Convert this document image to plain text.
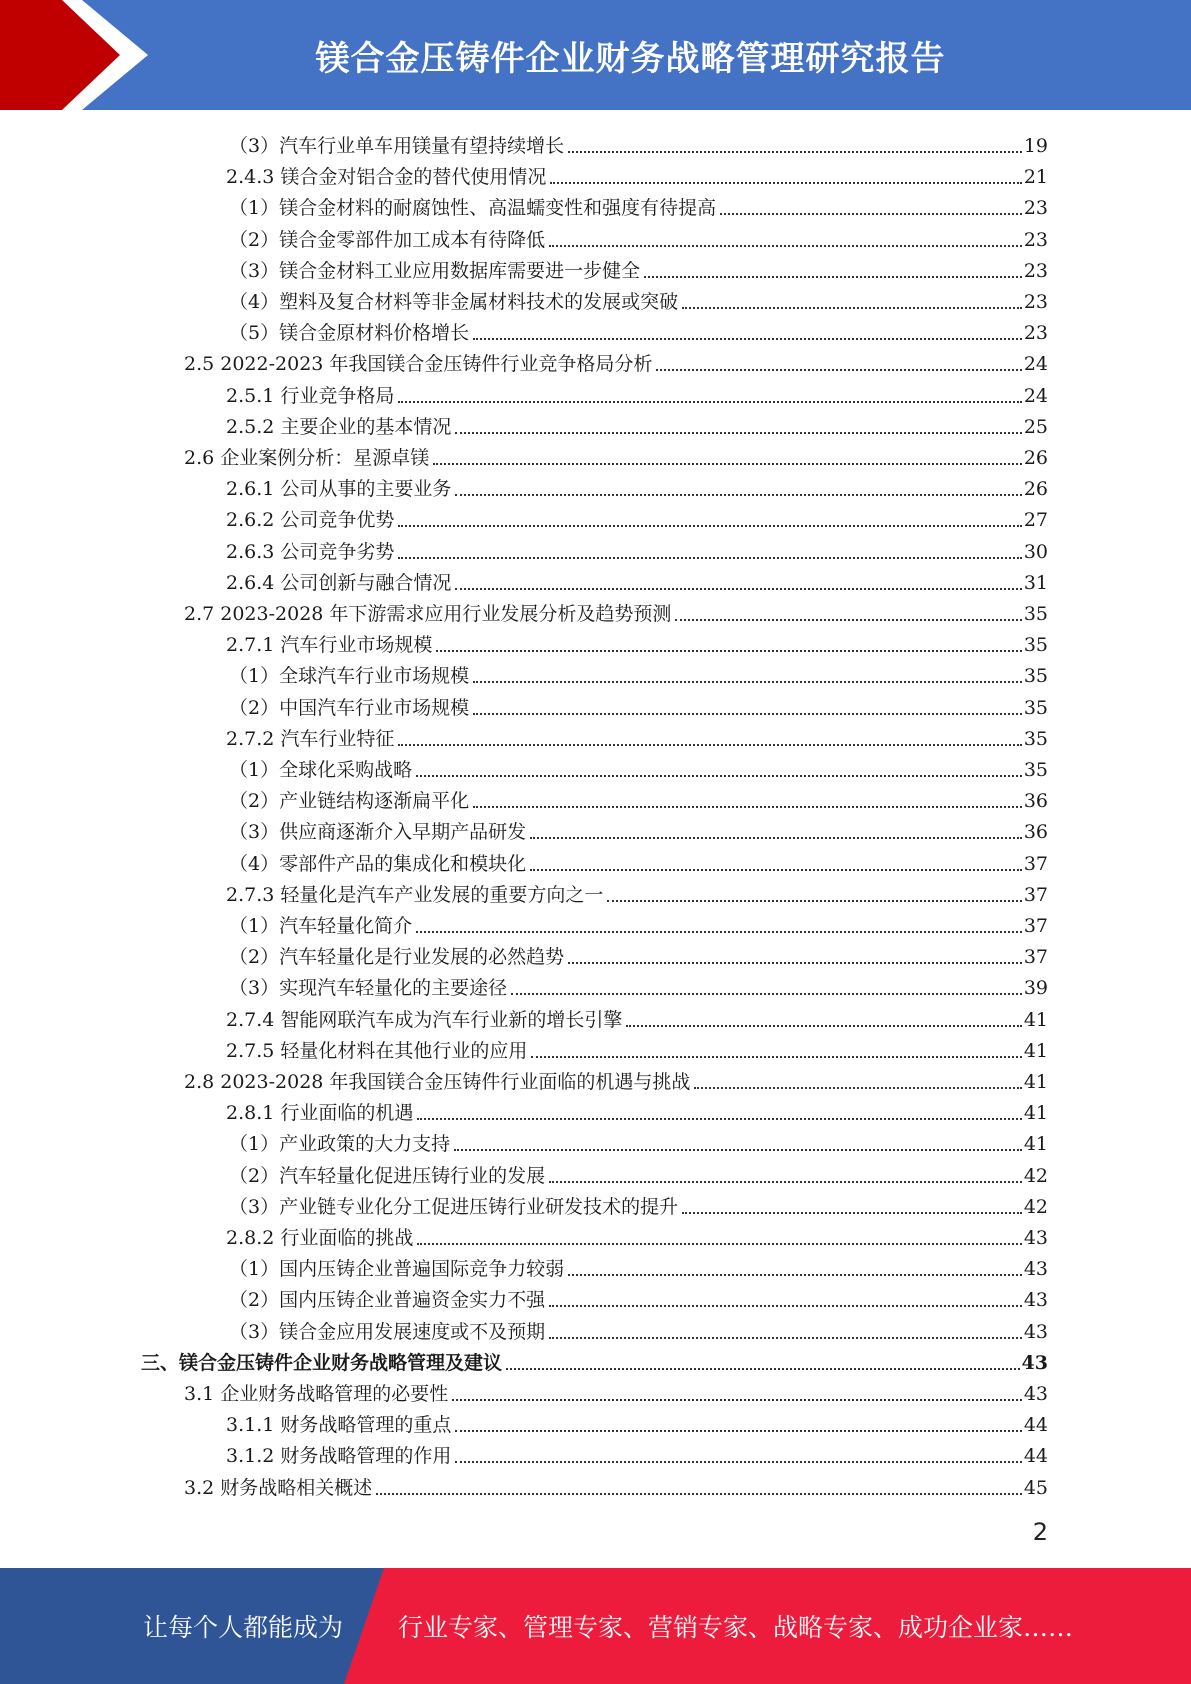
镁合金压铸件企业财务战略管理研究报告
（3）汽车行业单车用镁量有望持续增长	19
2.4.3 镁合金对铝合金的替代使用情况	21
（1）镁合金材料的耐腐蚀性、高温蠕变性和强度有待提高	23
（2）镁合金零部件加工成本有待降低	23
（3）镁合金材料工业应用数据库需要进一步健全	23
（4）塑料及复合材料等非金属材料技术的发展或突破	23
（5）镁合金原材料价格增长	23
2.5 2022-2023 年我国镁合金压铸件行业竞争格局分析	24
2.5.1 行业竞争格局	24
2.5.2 主要企业的基本情况	25
2.6 企业案例分析：星源卓镁	26
2.6.1 公司从事的主要业务	26
2.6.2 公司竞争优势	27
2.6.3 公司竞争劣势	30
2.6.4 公司创新与融合情况	31
2.7 2023-2028 年下游需求应用行业发展分析及趋势预测	35
2.7.1 汽车行业市场规模	35
（1）全球汽车行业市场规模	35
（2）中国汽车行业市场规模	35
2.7.2 汽车行业特征	35
（1）全球化采购战略	35
（2）产业链结构逐渐扁平化	36
（3）供应商逐渐介入早期产品研发	36
（4）零部件产品的集成化和模块化	37
2.7.3 轻量化是汽车产业发展的重要方向之一	37
（1）汽车轻量化简介	37
（2）汽车轻量化是行业发展的必然趋势	37
（3）实现汽车轻量化的主要途径	39
2.7.4 智能网联汽车成为汽车行业新的增长引擎	41
2.7.5 轻量化材料在其他行业的应用	41
2.8 2023-2028 年我国镁合金压铸件行业面临的机遇与挑战	41
2.8.1 行业面临的机遇	41
（1）产业政策的大力支持	41
（2）汽车轻量化促进压铸行业的发展	42
（3）产业链专业化分工促进压铸行业研发技术的提升	42
2.8.2 行业面临的挑战	43
（1）国内压铸企业普遍国际竞争力较弱	43
（2）国内压铸企业普遍资金实力不强	43
（3）镁合金应用发展速度或不及预期	43
三、镁合金压铸件企业财务战略管理及建议	43
3.1 企业财务战略管理的必要性	43
3.1.1 财务战略管理的重点	44
3.1.2 财务战略管理的作用	44
3.2 财务战略相关概述	45
2
让每个人都能成为 行业专家、管理专家、营销专家、战略专家、成功企业家……
